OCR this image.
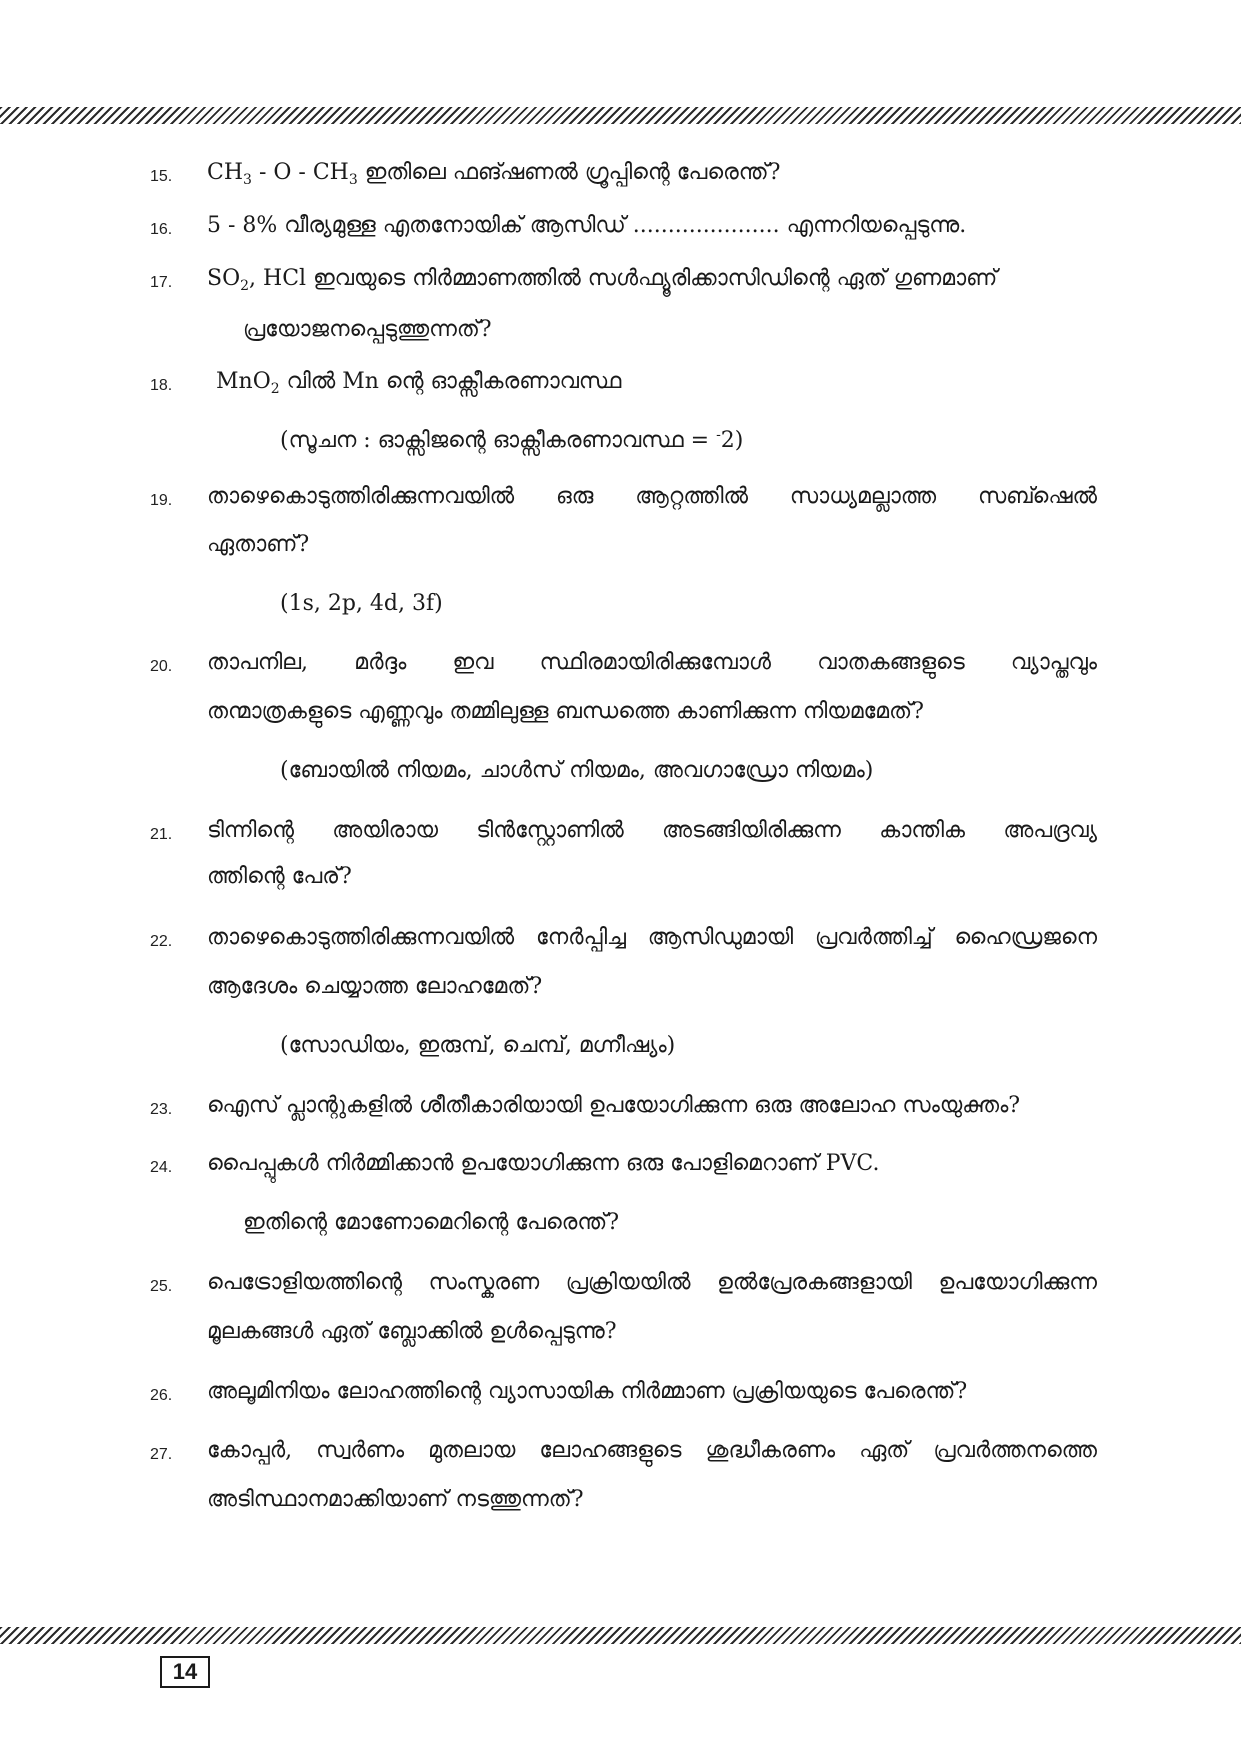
15.	$CH_3$ - O - $CH_3$ ഇതിലെ ഫങ്ഷണൽ ഗ്രൂപ്പിന്റെ പേരെന്ത്?
16.	5 - 8% വീര്യമുള്ള എതനോയിക് ആസിഡ് ..................... എന്നറിയപ്പെടുന്നു.
17.	$SO_2$, HCl ഇവയുടെ നിർമ്മാണത്തിൽ സൾഫ്യൂരിക്കാസിഡിന്റെ ഏത് ഗുണമാണ്
പ്രയോജനപ്പെടുത്തുന്നത്?
18.	MnO$_2$ വിൽ Mn ന്റെ ഓക്സീകരണാവസ്ഥ
(സൂചന : ഓക്സിജന്റെ ഓക്സീകരണാവസ്ഥ = -2)
19.	താഴെകൊടുത്തിരിക്കുന്നവയിൽ ഒരു ആറ്റത്തിൽ സാധ്യമല്ലാത്ത സബ്ഷെൽ
ഏതാണ്?
(1s, 2p, 4d, 3f)
20.	താപനില, മർദ്ദം ഇവ സ്ഥിരമായിരിക്കുമ്പോൾ വാതകങ്ങളുടെ വ്യാപ്തവും
തന്മാത്രകളുടെ എണ്ണവും തമ്മിലുള്ള ബന്ധത്തെ കാണിക്കുന്ന നിയമമേത്?
(ബോയിൽ നിയമം, ചാൾസ് നിയമം, അവഗാഡ്രോ നിയമം)
21.	ടിന്നിന്റെ അയിരായ ടിൻസ്റ്റോണിൽ അടങ്ങിയിരിക്കുന്ന കാന്തിക അപദ്രവ്യ
ത്തിന്റെ പേര്?
22.	താഴെകൊടുത്തിരിക്കുന്നവയിൽ നേർപ്പിച്ച ആസിഡുമായി പ്രവർത്തിച്ച് ഹൈഡ്രജനെ
ആദേശം ചെയ്യാത്ത ലോഹമേത്?
(സോഡിയം, ഇരുമ്പ്, ചെമ്പ്, മഗ്നീഷ്യം)
23.	ഐസ് പ്ലാന്റുകളിൽ ശീതീകാരിയായി ഉപയോഗിക്കുന്ന ഒരു അലോഹ സംയുക്തം?
24.	പൈപ്പുകൾ നിർമ്മിക്കാൻ ഉപയോഗിക്കുന്ന ഒരു പോളിമെറാണ് PVC.
ഇതിന്റെ മോണോമെറിന്റെ പേരെന്ത്?
25.	പെട്രോളിയത്തിന്റെ സംസ്കരണ പ്രക്രിയയിൽ ഉൽപ്രേരകങ്ങളായി ഉപയോഗിക്കുന്ന
മൂലകങ്ങൾ ഏത് ബ്ലോക്കിൽ ഉൾപ്പെടുന്നു?
26.	അലൂമിനിയം ലോഹത്തിന്റെ വ്യാസായിക നിർമ്മാണ പ്രക്രിയയുടെ പേരെന്ത്?
27.	കോപ്പർ, സ്വർണം മുതലായ ലോഹങ്ങളുടെ ശുദ്ധീകരണം ഏത് പ്രവർത്തനത്തെ
അടിസ്ഥാനമാക്കിയാണ് നടത്തുന്നത്?
14
